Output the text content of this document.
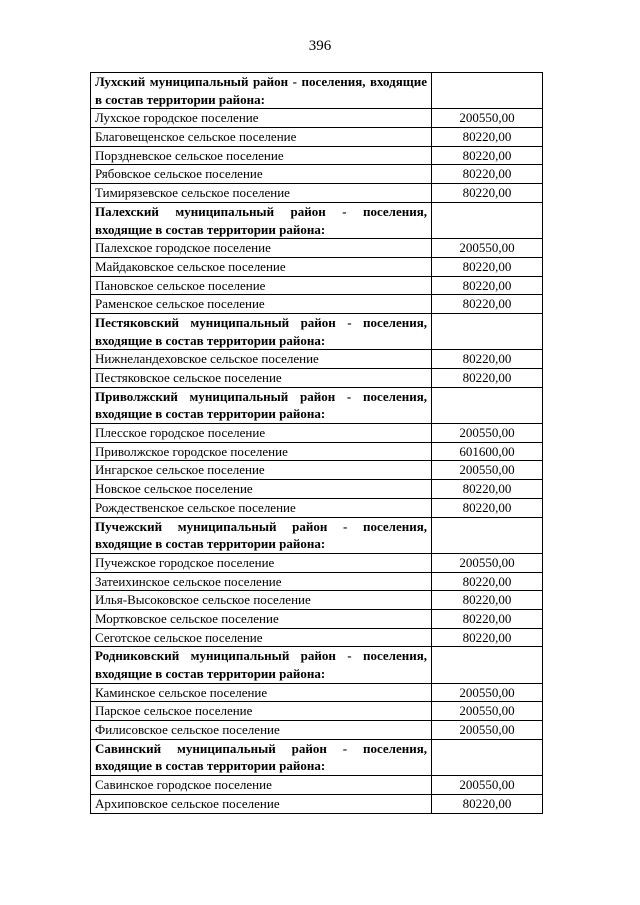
396
Лухский муниципальный район - поселения, входящие в состав территории района:	
Лухское городское поселение	200550,00
Благовещенское сельское поселение	80220,00
Порздневское сельское поселение	80220,00
Рябовское сельское поселение	80220,00
Тимирязевское сельское поселение	80220,00
Палехский муниципальный район - поселения, входящие в состав территории района:	
Палехское городское поселение	200550,00
Майдаковское сельское поселение	80220,00
Пановское сельское поселение	80220,00
Раменское сельское поселение	80220,00
Пестяковский муниципальный район - поселения, входящие в состав территории района:	
Нижнеландеховское сельское поселение	80220,00
Пестяковское сельское поселение	80220,00
Приволжский муниципальный район - поселения, входящие в состав территории района:	
Плесское городское поселение	200550,00
Приволжское городское поселение	601600,00
Ингарское сельское поселение	200550,00
Новское сельское поселение	80220,00
Рождественское сельское поселение	80220,00
Пучежский муниципальный район - поселения, входящие в состав территории района:	
Пучежское городское поселение	200550,00
Затеихинское сельское поселение	80220,00
Илья-Высоковское сельское поселение	80220,00
Мортковское сельское поселение	80220,00
Сеготское сельское поселение	80220,00
Родниковский муниципальный район - поселения, входящие в состав территории района:	
Каминское сельское поселение	200550,00
Парское сельское поселение	200550,00
Филисовское сельское поселение	200550,00
Савинский муниципальный район - поселения, входящие в состав территории района:	
Савинское городское поселение	200550,00
Архиповское сельское поселение	80220,00
